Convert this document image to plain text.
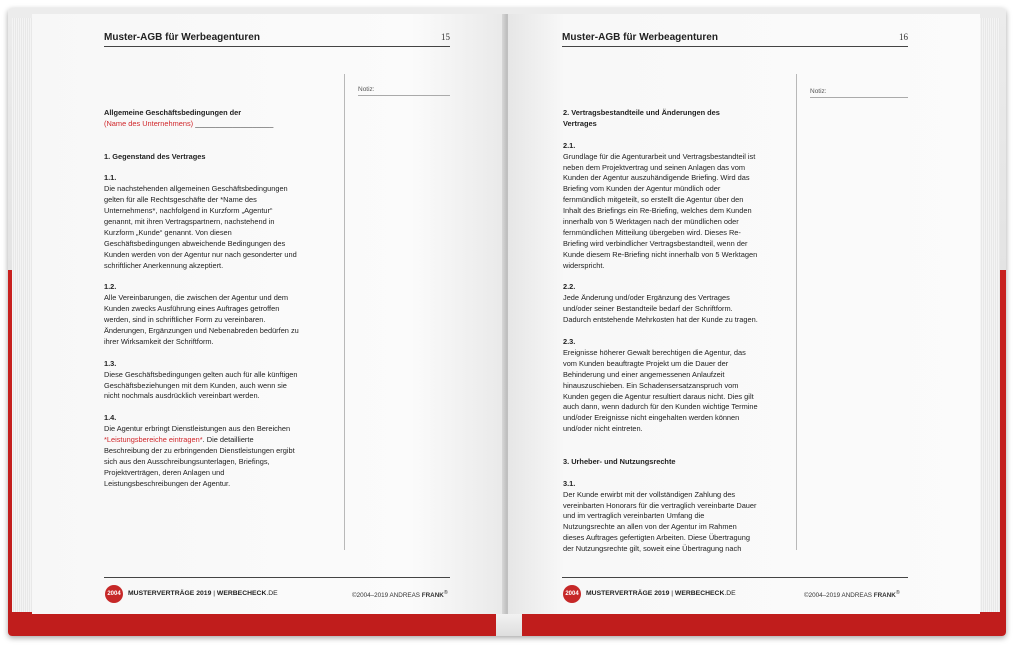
Muster-AGB für Werbeagenturen	15
Notiz:

Allgemeine Geschäftsbedingungen der

(Name des Unternehmens) ___________________

1. Gegenstand des Vertrages

1.1.

Die nachstehenden allgemeinen Geschäftsbedingungen

gelten für alle Rechtsgeschäfte der *Name des

Unternehmens*, nachfolgend in Kurzform „Agentur“

genannt, mit ihren Vertragspartnern, nachstehend in

Kurzform „Kunde“ genannt. Von diesen

Geschäftsbedingungen abweichende Bedingungen des

Kunden werden von der Agentur nur nach gesonderter und

schriftlicher Anerkennung akzeptiert.

1.2.

Alle Vereinbarungen, die zwischen der Agentur und dem

Kunden zwecks Ausführung eines Auftrages getroffen

werden, sind in schriftlicher Form zu vereinbaren.

Änderungen, Ergänzungen und Nebenabreden bedürfen zu

ihrer Wirksamkeit der Schriftform.

1.3.

Diese Geschäftsbedingungen gelten auch für alle künftigen

Geschäftsbeziehungen mit dem Kunden, auch wenn sie

nicht nochmals ausdrücklich vereinbart werden.

1.4.

Die Agentur erbringt Dienstleistungen aus den Bereichen

*Leistungsbereiche eintragen*. Die detaillierte

Beschreibung der zu erbringenden Dienstleistungen ergibt

sich aus den Ausschreibungsunterlagen, Briefings,

Projektverträgen, deren Anlagen und

Leistungsbeschreibungen der Agentur.

2004	MUSTERVERTRÄGE 2019 | WERBECHECK.DE	©2004–2019 ANDREAS FRANK®
Muster-AGB für Werbeagenturen	16
Notiz:

2. Vertragsbestandteile und Änderungen des

Vertrages

2.1.

Grundlage für die Agenturarbeit und Vertragsbestandteil ist

neben dem Projektvertrag und seinen Anlagen das vom

Kunden der Agentur auszuhändigende Briefing. Wird das

Briefing vom Kunden der Agentur mündlich oder

fernmündlich mitgeteilt, so erstellt die Agentur über den

Inhalt des Briefings ein Re-Briefing, welches dem Kunden

innerhalb von 5 Werktagen nach der mündlichen oder

fernmündlichen Mitteilung übergeben wird. Dieses Re-

Briefing wird verbindlicher Vertragsbestandteil, wenn der

Kunde diesem Re-Briefing nicht innerhalb von 5 Werktagen

widerspricht.

2.2.

Jede Änderung und/oder Ergänzung des Vertrages

und/oder seiner Bestandteile bedarf der Schriftform.

Dadurch entstehende Mehrkosten hat der Kunde zu tragen.

2.3.

Ereignisse höherer Gewalt berechtigen die Agentur, das

vom Kunden beauftragte Projekt um die Dauer der

Behinderung und einer angemessenen Anlaufzeit

hinauszuschieben. Ein Schadensersatzanspruch vom

Kunden gegen die Agentur resultiert daraus nicht. Dies gilt

auch dann, wenn dadurch für den Kunden wichtige Termine

und/oder Ereignisse nicht eingehalten werden können

und/oder nicht eintreten.

3. Urheber- und Nutzungsrechte

3.1.

Der Kunde erwirbt mit der vollständigen Zahlung des

vereinbarten Honorars für die vertraglich vereinbarte Dauer

und im vertraglich vereinbarten Umfang die

Nutzungsrechte an allen von der Agentur im Rahmen

dieses Auftrages gefertigten Arbeiten. Diese Übertragung

der Nutzungsrechte gilt, soweit eine Übertragung nach

2004	MUSTERVERTRÄGE 2019 | WERBECHECK.DE	©2004–2019 ANDREAS FRANK®
